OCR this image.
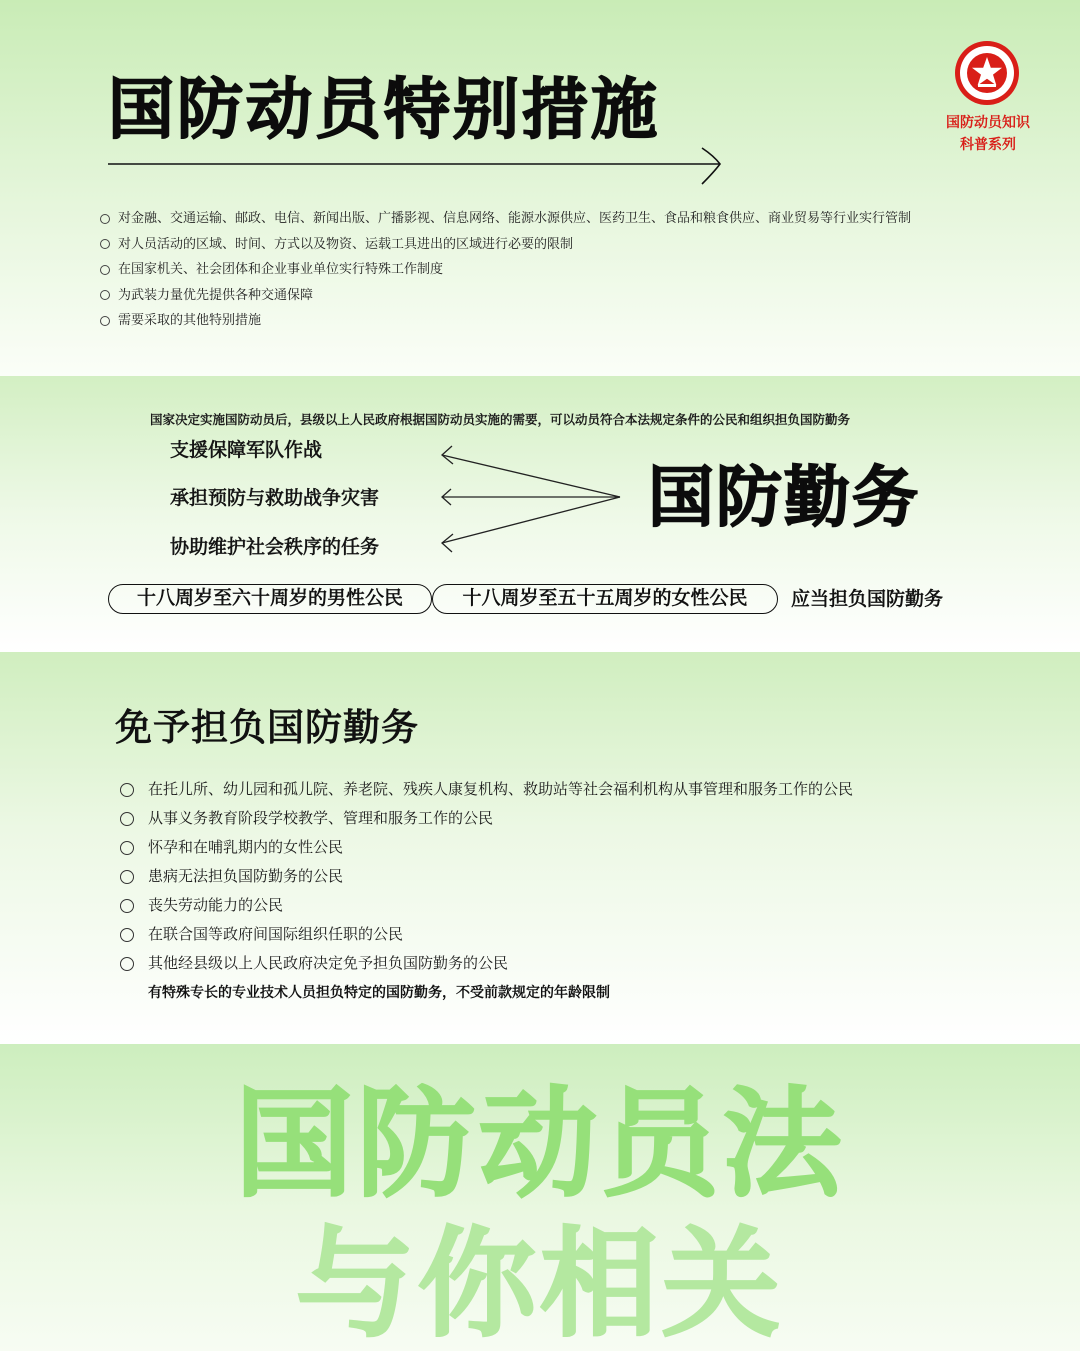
国防动员特别措施	国防动员知识
科普系列
对金融、交通运输、邮政、电信、新闻出版、广播影视、信息网络、能源水源供应、医药卫生、食品和粮食供应、商业贸易等行业实行管制
对人员活动的区域、时间、方式以及物资、运载工具进出的区域进行必要的限制
在国家机关、社会团体和企业事业单位实行特殊工作制度
为武装力量优先提供各种交通保障
需要采取的其他特别措施
国家决定实施国防动员后，县级以上人民政府根据国防动员实施的需要，可以动员符合本法规定条件的公民和组织担负国防勤务
支援保障军队作战
承担预防与救助战争灾害
协助维护社会秩序的任务
国防勤务
十八周岁至六十周岁的男性公民	十八周岁至五十五周岁的女性公民	应当担负国防勤务
免予担负国防勤务
在托儿所、幼儿园和孤儿院、养老院、残疾人康复机构、救助站等社会福利机构从事管理和服务工作的公民
从事义务教育阶段学校教学、管理和服务工作的公民
怀孕和在哺乳期内的女性公民
患病无法担负国防勤务的公民
丧失劳动能力的公民
在联合国等政府间国际组织任职的公民
其他经县级以上人民政府决定免予担负国防勤务的公民
有特殊专长的专业技术人员担负特定的国防勤务，不受前款规定的年龄限制
国防动员法
与你相关
